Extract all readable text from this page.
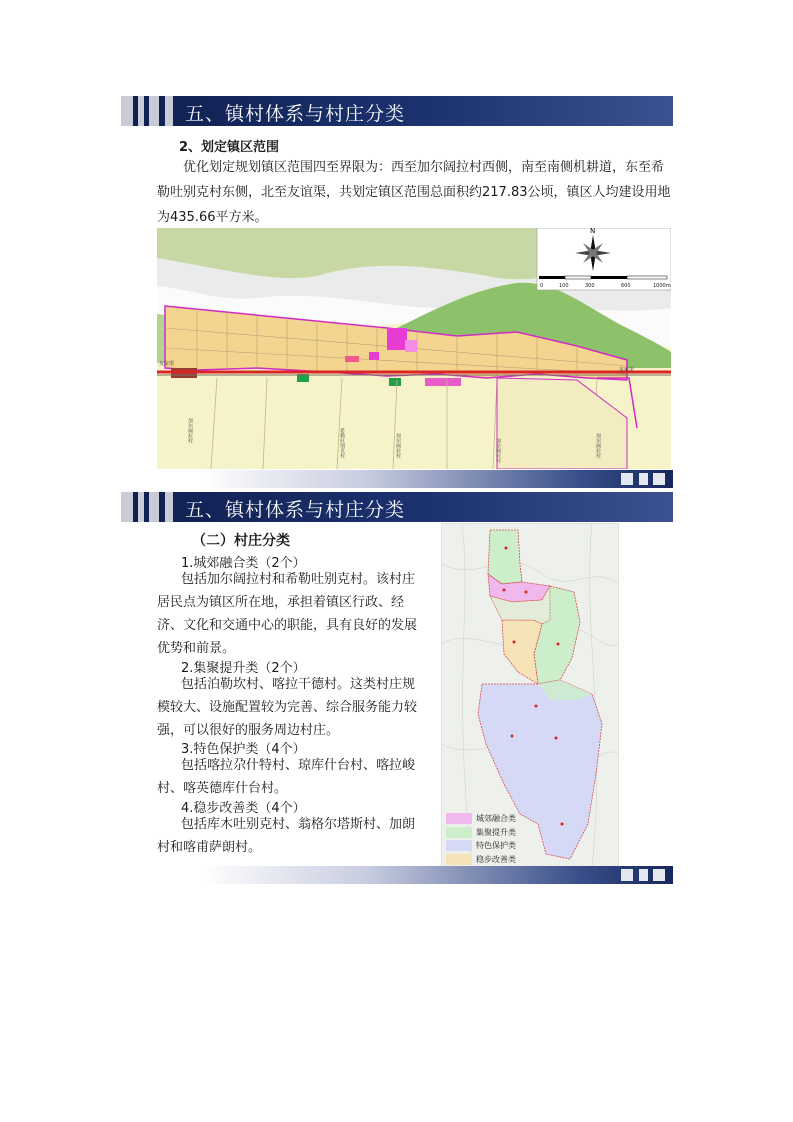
五、镇村体系与村庄分类
2、划定镇区范围
优化划定规划镇区范围四至界限为：西至加尔阔拉村西侧，南至南侧机耕道，东至希勒吐别克村东侧，北至友谊渠，共划定镇区范围总面积约217.83公顷，镇区人均建设用地为435.66平方米。
N
0	100	300	600	1000m
友谊渠
友谊渠
加尔阔拉村	希勒吐别克村	加尔阔拉村	加尔阔拉村	加尔阔拉村
五、镇村体系与村庄分类
（二）村庄分类
1.城郊融合类（2个）
包括加尔阔拉村和希勒吐别克村。该村庄居民点为镇区所在地，承担着镇区行政、经济、文化和交通中心的职能，具有良好的发展优势和前景。
2.集聚提升类（2个）
包括泊勒坎村、喀拉干德村。这类村庄规模较大、设施配置较为完善、综合服务能力较强，可以很好的服务周边村庄。
3.特色保护类（4个）
包括喀拉尕什特村、琼库什台村、喀拉峻村、喀英德库什台村。
4.稳步改善类（4个）
包括库木吐别克村、翁格尔塔斯村、加朗村和喀甫萨朗村。
城郊融合类
集聚提升类
特色保护类
稳步改善类
